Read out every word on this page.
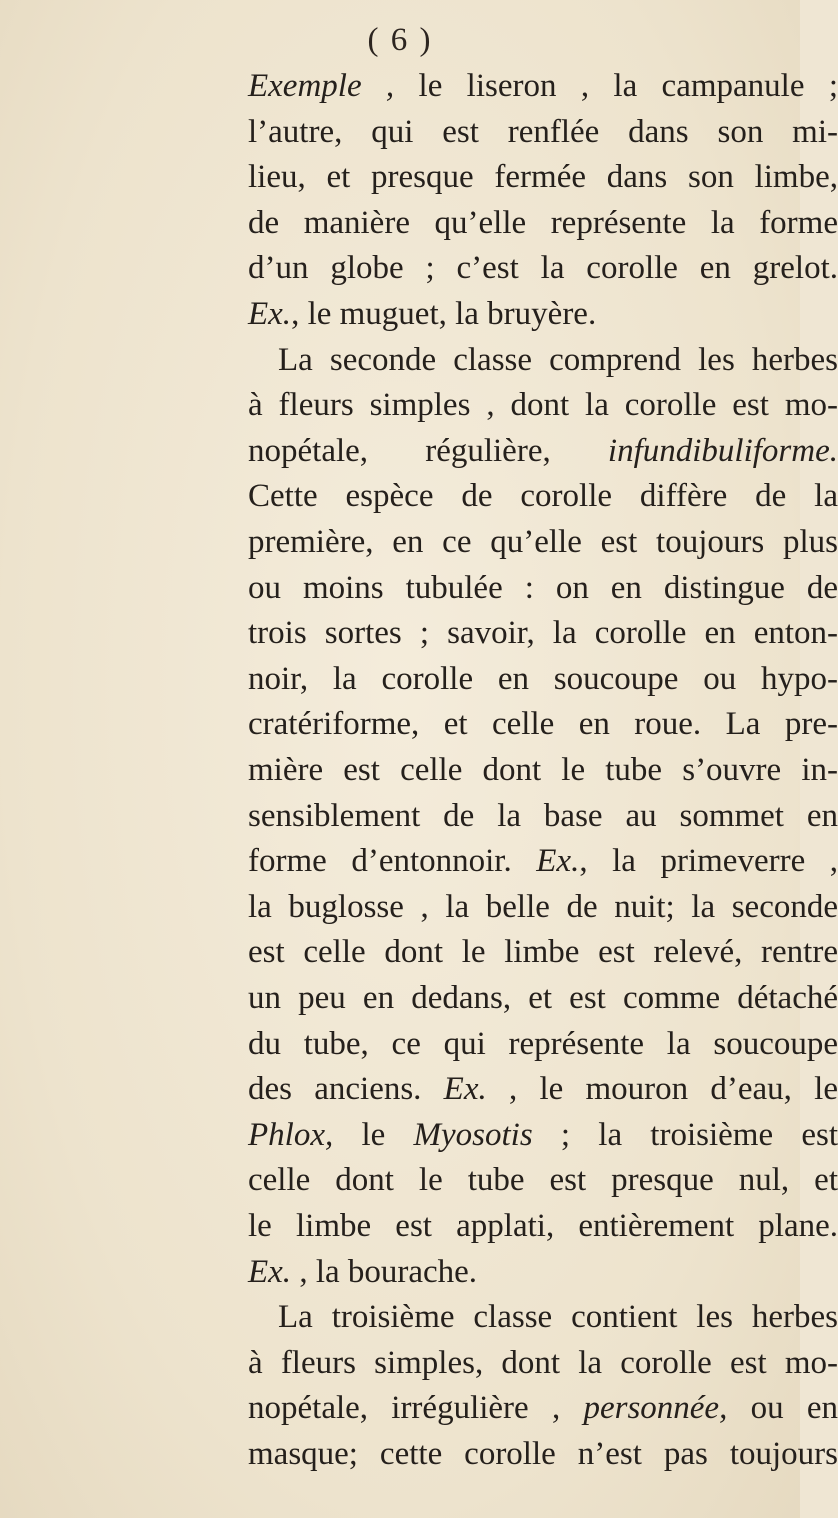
( 6 )
Exemple , le liseron , la campanule ;
l’autre, qui est renflée dans son mi-
lieu, et presque fermée dans son limbe,
de manière qu’elle représente la forme
d’un globe ; c’est la corolle en grelot.
Ex., le muguet, la bruyère.
La seconde classe comprend les herbes
à fleurs simples , dont la corolle est mo-
nopétale, régulière, infundibuliforme.
Cette espèce de corolle diffère de la
première, en ce qu’elle est toujours plus
ou moins tubulée : on en distingue de
trois sortes ; savoir, la corolle en enton-
noir, la corolle en soucoupe ou hypo-
cratériforme, et celle en roue. La pre-
mière est celle dont le tube s’ouvre in-
sensiblement de la base au sommet en
forme d’entonnoir. Ex., la primeverre ,
la buglosse , la belle de nuit; la seconde
est celle dont le limbe est relevé, rentre
un peu en dedans, et est comme détaché
du tube, ce qui représente la soucoupe
des anciens. Ex. , le mouron d’eau, le
Phlox, le Myosotis ; la troisième est
celle dont le tube est presque nul, et
le limbe est applati, entièrement plane.
Ex. , la bourache.
La troisième classe contient les herbes
à fleurs simples, dont la corolle est mo-
nopétale, irrégulière , personnée, ou en
masque; cette corolle n’est pas toujours
